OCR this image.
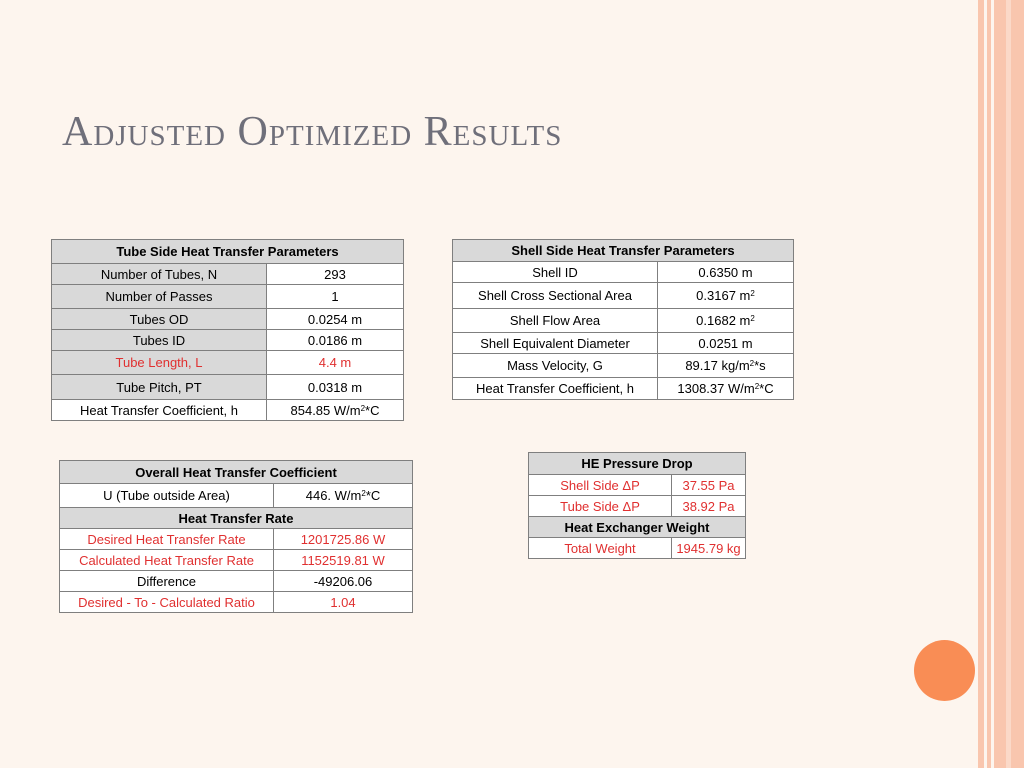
Adjusted Optimized Results
Tube Side Heat Transfer Parameters	
Number of Tubes, N	293
Number of Passes	1
Tubes OD	0.0254 m
Tubes ID	0.0186 m
Tube Length, L	4.4 m
Tube Pitch, PT	0.0318 m
Heat Transfer Coefficient, h	854.85 $W/m^2*C$
Shell Side Heat Transfer Parameters	
Shell ID	0.6350 m
Shell Cross Sectional Area	0.3167 $m^2$
Shell Flow Area	0.1682 $m^2$
Shell Equivalent Diameter	0.0251 m
Mass Velocity, G	89.17 $kg/m^2*s$
Heat Transfer Coefficient, h	1308.37 $W/m^2*C$
Overall Heat Transfer Coefficient	
U (Tube outside Area)	446. $W/m^2*C$
Heat Transfer Rate	
Desired Heat Transfer Rate	1201725.86 W
Calculated Heat Transfer Rate	1152519.81 W
Difference	-49206.06
Desired - To - Calculated Ratio	1.04
HE Pressure Drop	
Shell Side ΔP	37.55 Pa
Tube Side ΔP	38.92 Pa
Heat Exchanger Weight	
Total Weight	1945.79 kg
